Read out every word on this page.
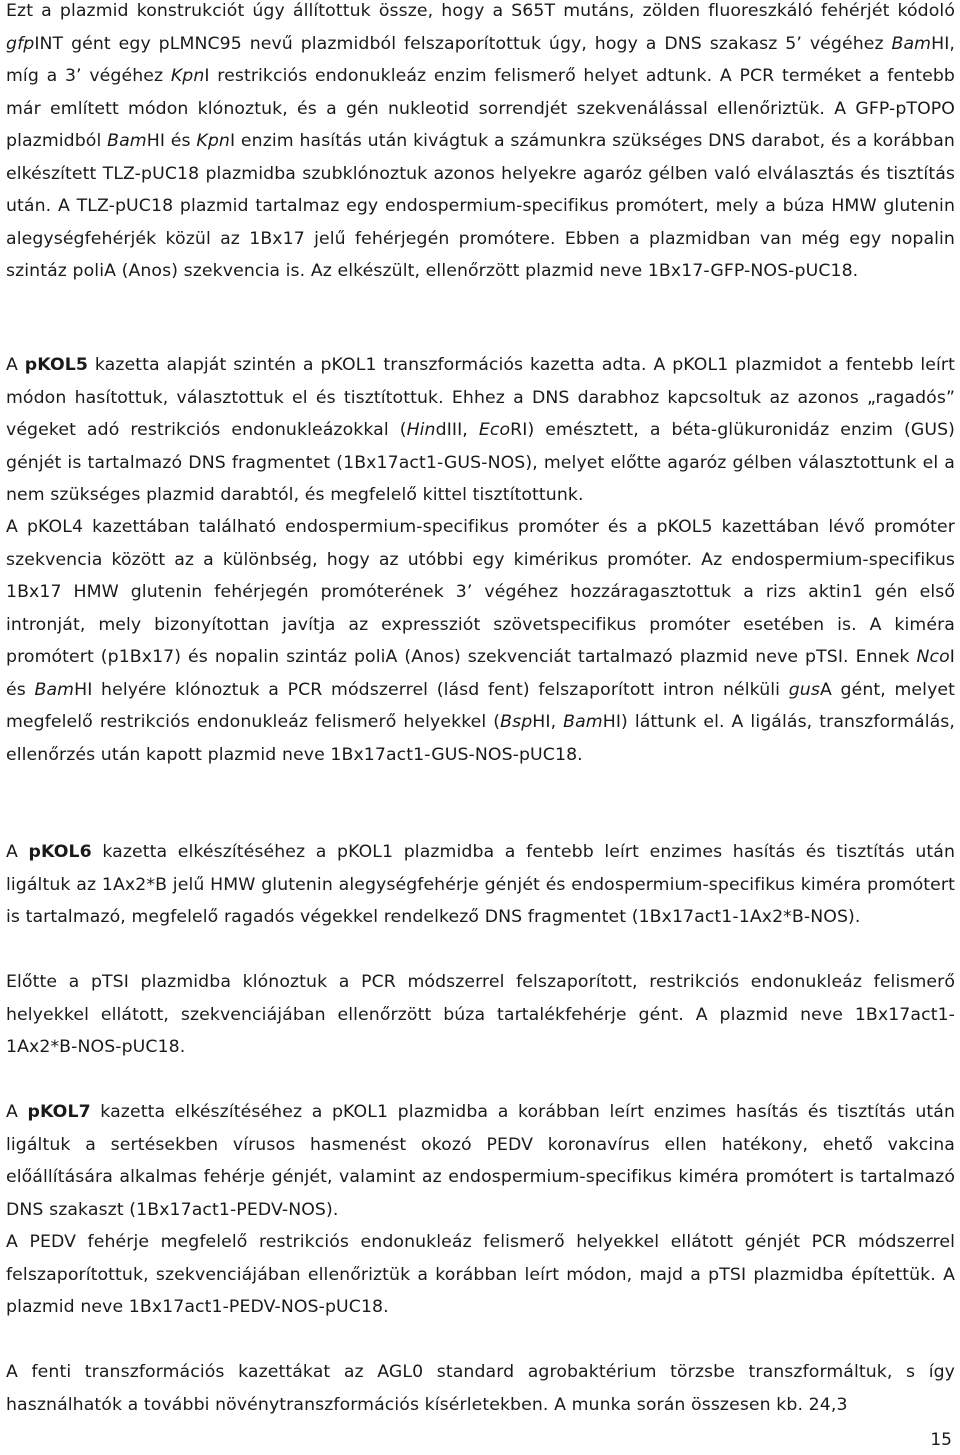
Ezt a plazmid konstrukciót úgy állítottuk össze, hogy a S65T mutáns, zölden fluoreszkáló fehérjét kódoló gfpINT gént egy pLMNC95 nevű plazmidból felszaporítottuk úgy, hogy a DNS szakasz 5’ végéhez BamHI, míg a 3’ végéhez KpnI restrikciós endonukleáz enzim felismerő helyet adtunk. A PCR terméket a fentebb már említett módon klónoztuk, és a gén nukleotid sorrendjét szekvenálással ellenőriztük. A GFP-pTOPO plazmidból BamHI és KpnI enzim hasítás után kivágtuk a számunkra szükséges DNS darabot, és a korábban elkészített TLZ-pUC18 plazmidba szubklónoztuk azonos helyekre agaróz gélben való elválasztás és tisztítás után. A TLZ-pUC18 plazmid tartalmaz egy endospermium-specifikus promótert, mely a búza HMW glutenin alegységfehérjék közül az 1Bx17 jelű fehérjegén promótere. Ebben a plazmidban van még egy nopalin szintáz poliA (Anos) szekvencia is. Az elkészült, ellenőrzött plazmid neve 1Bx17-GFP-NOS-pUC18.

A pKOL5 kazetta alapját szintén a pKOL1 transzformációs kazetta adta. A pKOL1 plazmidot a fentebb leírt módon hasítottuk, választottuk el és tisztítottuk. Ehhez a DNS darabhoz kapcsoltuk az azonos „ragadós” végeket adó restrikciós endonukleázokkal (HindIII, EcoRI) emésztett, a béta-glükuronidáz enzim (GUS) génjét is tartalmazó DNS fragmentet (1Bx17act1-GUS-NOS), melyet előtte agaróz gélben választottunk el a nem szükséges plazmid darabtól, és megfelelő kittel tisztítottunk.

A pKOL4 kazettában található endospermium-specifikus promóter és a pKOL5 kazettában lévő promóter szekvencia között az a különbség, hogy az utóbbi egy kimérikus promóter. Az endospermium-specifikus 1Bx17 HMW glutenin fehérjegén promóterének 3’ végéhez hozzáragasztottuk a rizs aktin1 gén első intronját, mely bizonyítottan javítja az expressziót szövetspecifikus promóter esetében is. A kiméra promótert (p1Bx17) és nopalin szintáz poliA (Anos) szekvenciát tartalmazó plazmid neve pTSI. Ennek NcoI és BamHI helyére klónoztuk a PCR módszerrel (lásd fent) felszaporított intron nélküli gusA gént, melyet megfelelő restrikciós endonukleáz felismerő helyekkel (BspHI, BamHI) láttunk el. A ligálás, transzformálás, ellenőrzés után kapott plazmid neve 1Bx17act1-GUS-NOS-pUC18.

A pKOL6 kazetta elkészítéséhez a pKOL1 plazmidba a fentebb leírt enzimes hasítás és tisztítás után ligáltuk az 1Ax2*B jelű HMW glutenin alegységfehérje génjét és endospermium-specifikus kiméra promótert is tartalmazó, megfelelő ragadós végekkel rendelkező DNS fragmentet (1Bx17act1-1Ax2*B-NOS).

Előtte a pTSI plazmidba klónoztuk a PCR módszerrel felszaporított, restrikciós endonukleáz felismerő helyekkel ellátott, szekvenciájában ellenőrzött búza tartalékfehérje gént. A plazmid neve 1Bx17act1-1Ax2*B-NOS-pUC18.

A pKOL7 kazetta elkészítéséhez a pKOL1 plazmidba a korábban leírt enzimes hasítás és tisztítás után ligáltuk a sertésekben vírusos hasmenést okozó PEDV koronavírus ellen hatékony, ehető vakcina előállítására alkalmas fehérje génjét, valamint az endospermium-specifikus kiméra promótert is tartalmazó DNS szakaszt (1Bx17act1-PEDV-NOS).

A PEDV fehérje megfelelő restrikciós endonukleáz felismerő helyekkel ellátott génjét PCR módszerrel felszaporítottuk, szekvenciájában ellenőriztük a korábban leírt módon, majd a pTSI plazmidba építettük. A plazmid neve 1Bx17act1-PEDV-NOS-pUC18.

A fenti transzformációs kazettákat az AGL0 standard agrobaktérium törzsbe transzformáltuk, s így használhatók a további növénytranszformációs kísérletekben. A munka során összesen kb. 24,3

15
